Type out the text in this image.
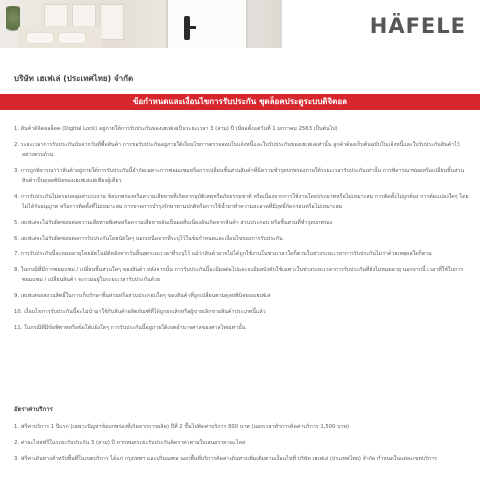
HÄFELE
บริษัท เฮเฟเล่ (ประเทศไทย) จำกัด
ข้อกำหนดและเงื่อนไขการรับประกัน ชุดล็อคประตูระบบดิจิตอล
1. สินค้าดิจิตอลล็อค (Digital Lock) อยู่ภายใต้การรับประกันของเฮเฟเล่เป็นระยะเวลา 3 (สาม) ปี (มีผลตั้งแต่วันที่ 1 มกราคม 2563 เป็นต้นไป)
2. ระยะเวลาการรับประกันนับจากวันที่ซื้อสินค้า การขอรับประกันอยู่ภายใต้เงื่อนไขการตรวจสอบใบแจ้งหนี้และใบรับประกันของเฮเฟเล่เท่านั้น ลูกค้าต้องเก็บต้นฉบับใบแจ้งหนี้และใบรับประกันสินค้าไว้อย่างครบถ้วน
3. การถูกพิจารณาว่าสินค้าอยู่ภายใต้การรับประกันนี้จำกัดเฉพาะการซ่อมแซมหรือการเปลี่ยนชิ้นส่วนสินค้าที่มีความชำรุดบกพร่องภายใต้ระยะเวลารับประกันเท่านั้น การพิจารณาซ่อมหรือเปลี่ยนชิ้นส่วนสินค้าเป็นดุลยพินิจของเฮเฟเล่แต่เพียงผู้เดียว
4. การรับประกันไม่ครอบคลุมค่าแรงงาน ข้อบกพร่องหรือความเสียหายที่เกิดจากอุบัติเหตุหรือภัยธรรมชาติ หรือเนื่องจากการใช้งานโดยประมาทหรือไม่เหมาะสม การติดตั้งไม่ถูกต้อง การตัดแปลงใดๆ โดยไม่ได้รับอนุญาต หรือการติดตั้งที่ไม่เหมาะสม การขาดการบำรุงรักษาตามปกติหรือการใช้น้ำยาทำความสะอาดที่มีฤทธิ์กัดกร่อนหรือไม่เหมาะสม
5. เฮเฟเล่จะไม่รับผิดชอบต่อความเสียหายพิเศษหรือความเสียหายอันเป็นผลสืบเนื่องอันเกิดจากสินค้า ส่วนประกอบ หรือชิ้นส่วนที่ชำรุดบกพร่อง
6. เฮเฟเล่จะไม่รับผิดชอบต่อการรับประกันโดยนัยใดๆ นอกเหนือจากที่ระบุไว้ในข้อกำหนดและเงื่อนไขของการรับประกัน
7. การรับประกันนี้จะหมดอายุโดยอัตโนมัติหลังจากวันสิ้นสุดระยะเวลาที่ระบุไว้ แม้ว่าสินค้าอาจไม่ได้ถูกใช้งานในช่วงเวลาใดก็ตามในช่วงระยะเวลาการรับประกันไม่ว่าด้วยเหตุผลใดก็ตาม
8. ในกรณีที่มีการซ่อมแซม / เปลี่ยนชิ้นส่วนใดๆ ของสินค้า หลังจากนั้น การรับประกันนี้จะมีผลต่อไปและจะมีผลบังคับใช้เฉพาะในช่วงระยะเวลาการรับประกันที่ยังไม่หมดอายุ นอกจากนี้ เวลาที่ใช้ในการซ่อมแซม / เปลี่ยนสินค้า จะรวมอยู่ในระยะเวลารับประกันด้วย
9. เฮเฟเล่ขอสงวนสิทธิ์ในการเก็บรักษาชิ้นส่วนหรือส่วนประกอบใดๆ ของสินค้าที่ถูกเปลี่ยนตามดุลยพินิจของเฮเฟเล่
10. เงื่อนไขการรับประกันนี้จะไม่นำมาใช้กับสินค้าผลิตภัณฑ์ที่ได้ถูกยกเลิกหรือผู้ขายเลิกขายสินค้าประเภทนี้แล้ว
11. ในกรณีที่มีข้อพิพาทหรือข้อโต้แย้งใดๆ การรับประกันนี้อยู่ภายใต้เขตอำนาจศาลของศาลไทยเท่านั้น
อัตราค่าบริการ
1. ฟรีค่าบริการ 1 ปีแรก (เฉพาะปัญหาข้อบกพร่องที่เกิดจากการผลิต) ปีที่ 2 ขึ้นไปคิดค่าบริการ 800 บาท (นอกเวลาทำการคิดค่าบริการ 1,500 บาท)
2. ค่าอะไหล่ฟรีในระยะรับประกัน 3 (สาม) ปี หากหมดระยะรับประกันคิดราคาตามใบเสนอราคาอะไหล่
3. ฟรีค่าเดินทางสำหรับพื้นที่ในเขตบริการ ได้แก่ กรุงเทพฯ และปริมณฑล นอกพื้นที่บริการคิดค่าเดินทางเพิ่มเติมตามเงื่อนไขที่ บริษัท เฮเฟเล่ (ประเทศไทย) จำกัด กำหนดในแต่ละเขตบริการ
